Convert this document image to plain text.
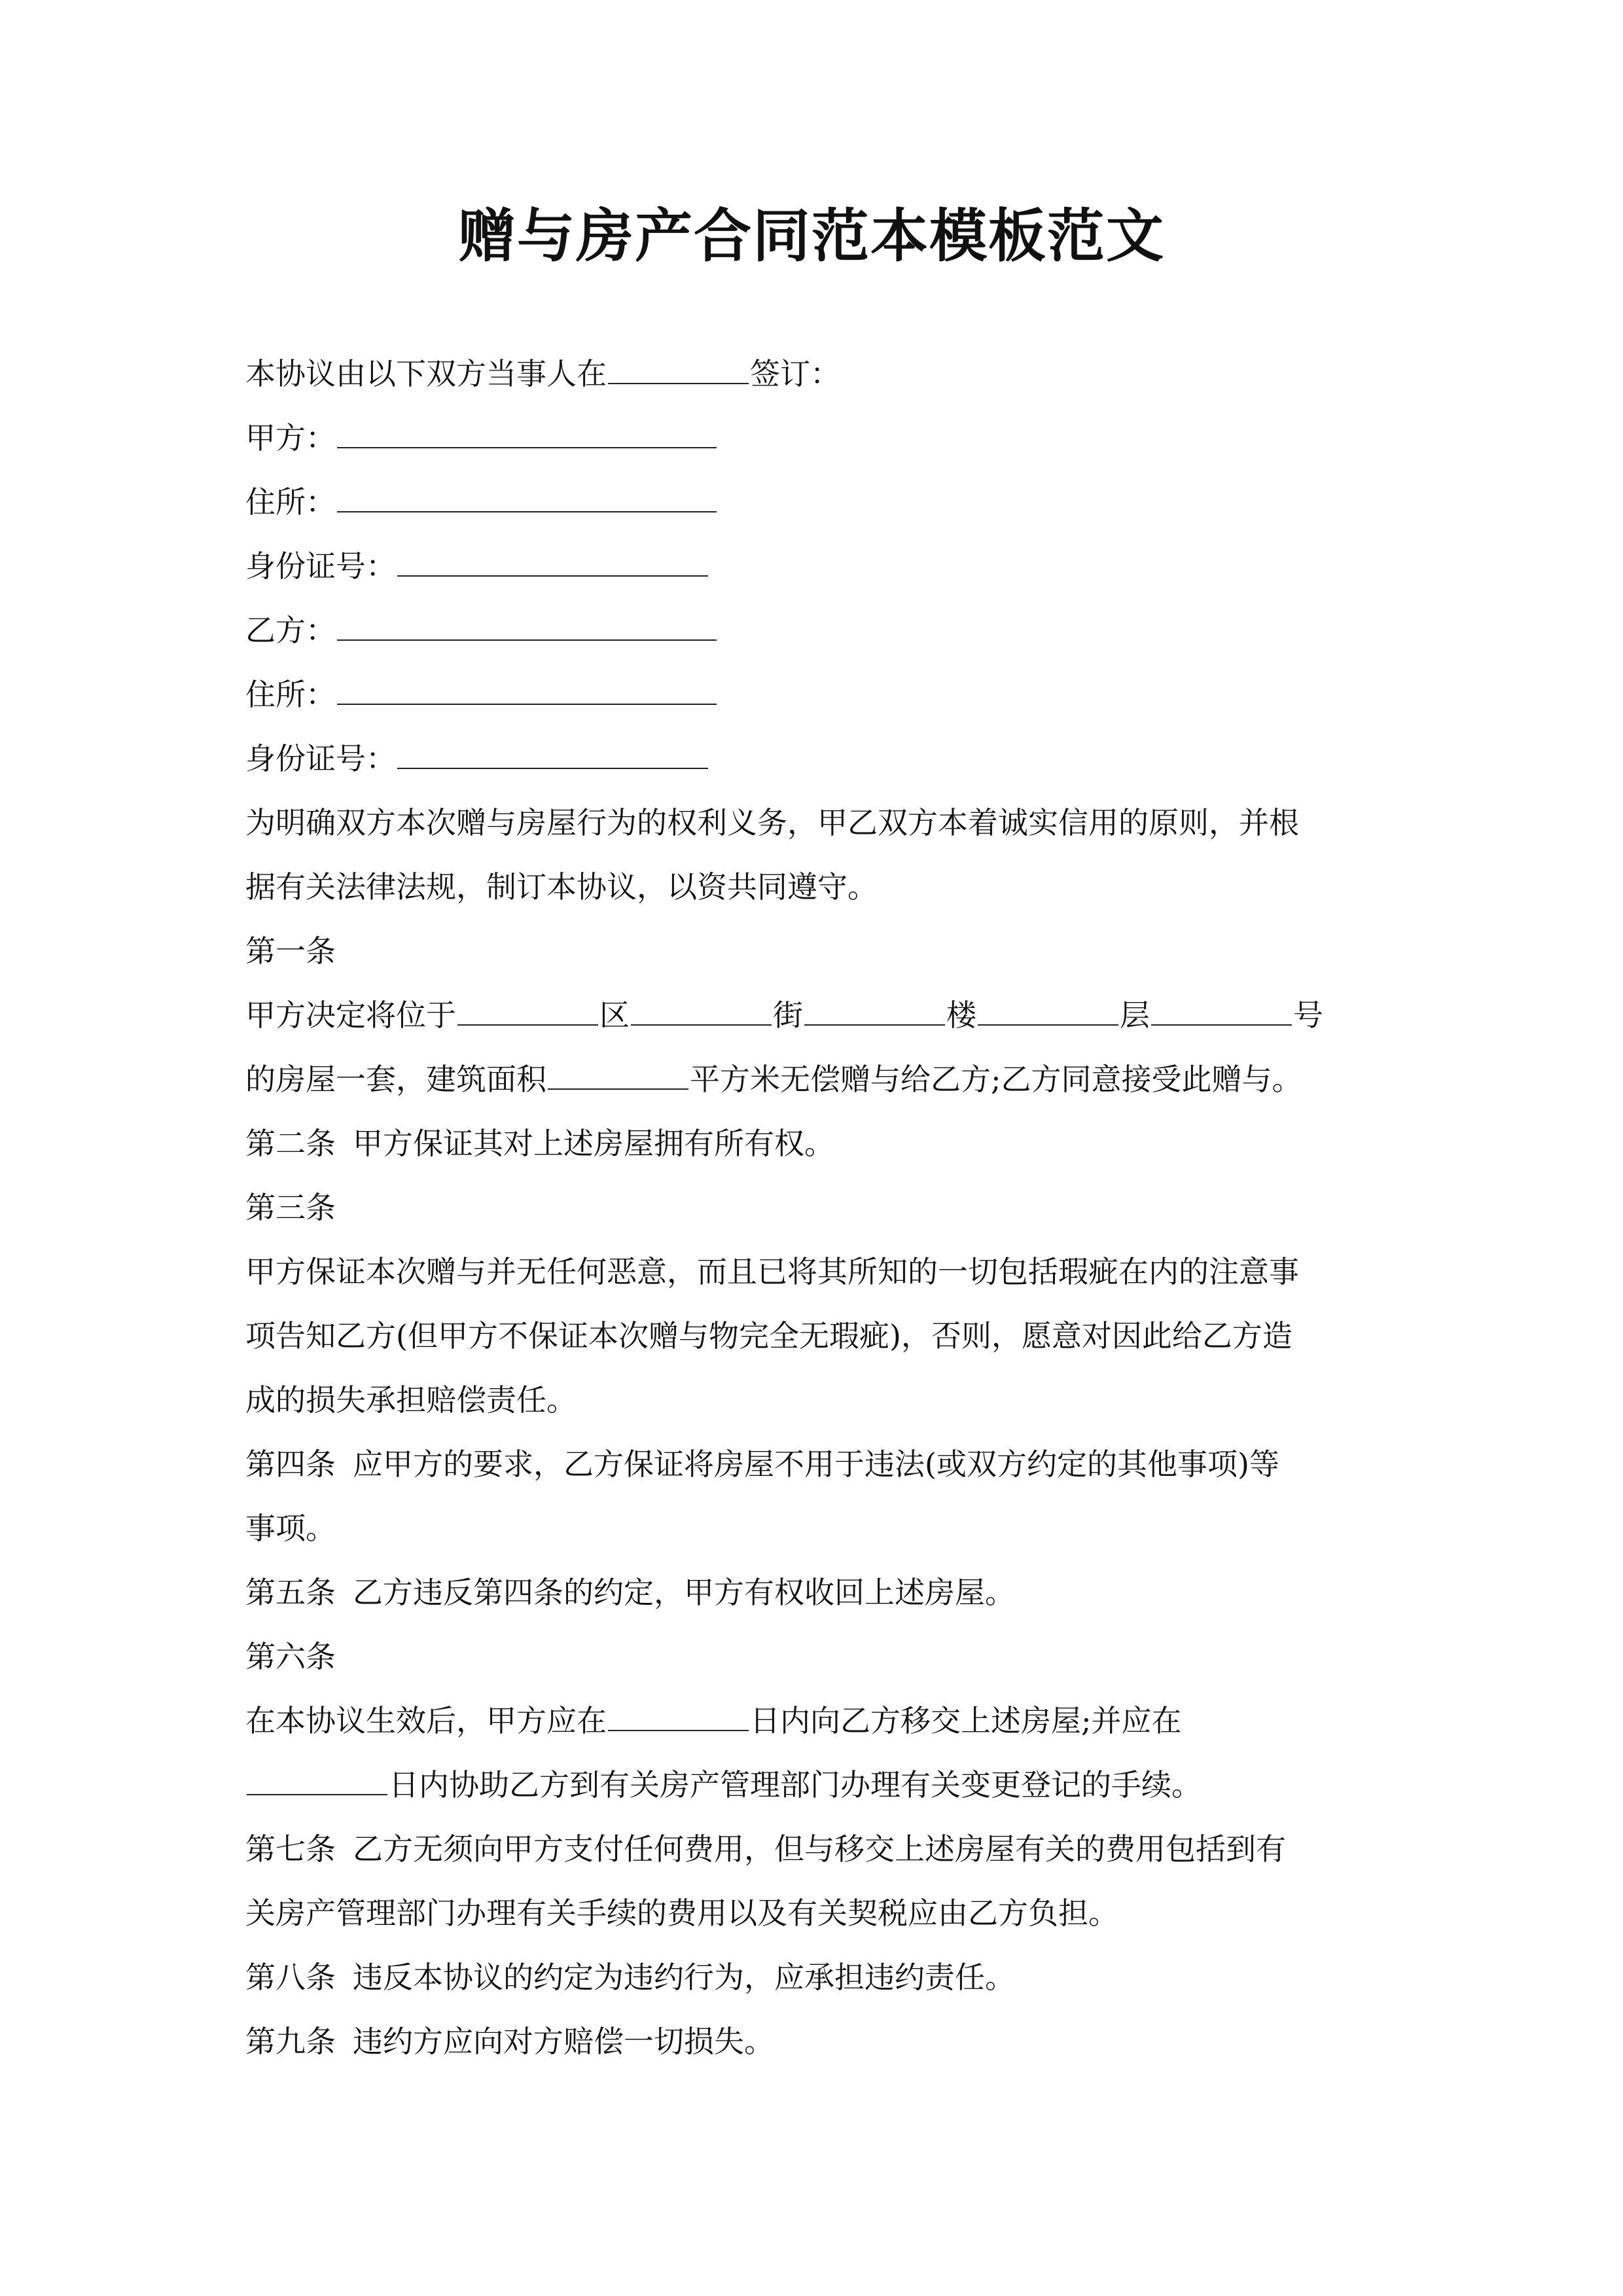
赠与房产合同范本模板范文
本协议由以下双方当事人在	签订：
甲方：
住所：
身份证号：
乙方：
住所：
身份证号：
为明确双方本次赠与房屋行为的权利义务，甲乙双方本着诚实信用的原则，并根
据有关法律法规，制订本协议，以资共同遵守。
第一条
甲方决定将位于	区	街	楼	层	号
的房屋一套，建筑面积	平方米无偿赠与给乙方;乙方同意接受此赠与。
第二条 甲方保证其对上述房屋拥有所有权。
第三条
甲方保证本次赠与并无任何恶意，而且已将其所知的一切包括瑕疵在内的注意事
项告知乙方(但甲方不保证本次赠与物完全无瑕疵)，否则，愿意对因此给乙方造
成的损失承担赔偿责任。
第四条 应甲方的要求，乙方保证将房屋不用于违法(或双方约定的其他事项)等
事项。
第五条 乙方违反第四条的约定，甲方有权收回上述房屋。
第六条
在本协议生效后，甲方应在	日内向乙方移交上述房屋;并应在
日内协助乙方到有关房产管理部门办理有关变更登记的手续。
第七条 乙方无须向甲方支付任何费用，但与移交上述房屋有关的费用包括到有
关房产管理部门办理有关手续的费用以及有关契税应由乙方负担。
第八条 违反本协议的约定为违约行为，应承担违约责任。
第九条 违约方应向对方赔偿一切损失。
